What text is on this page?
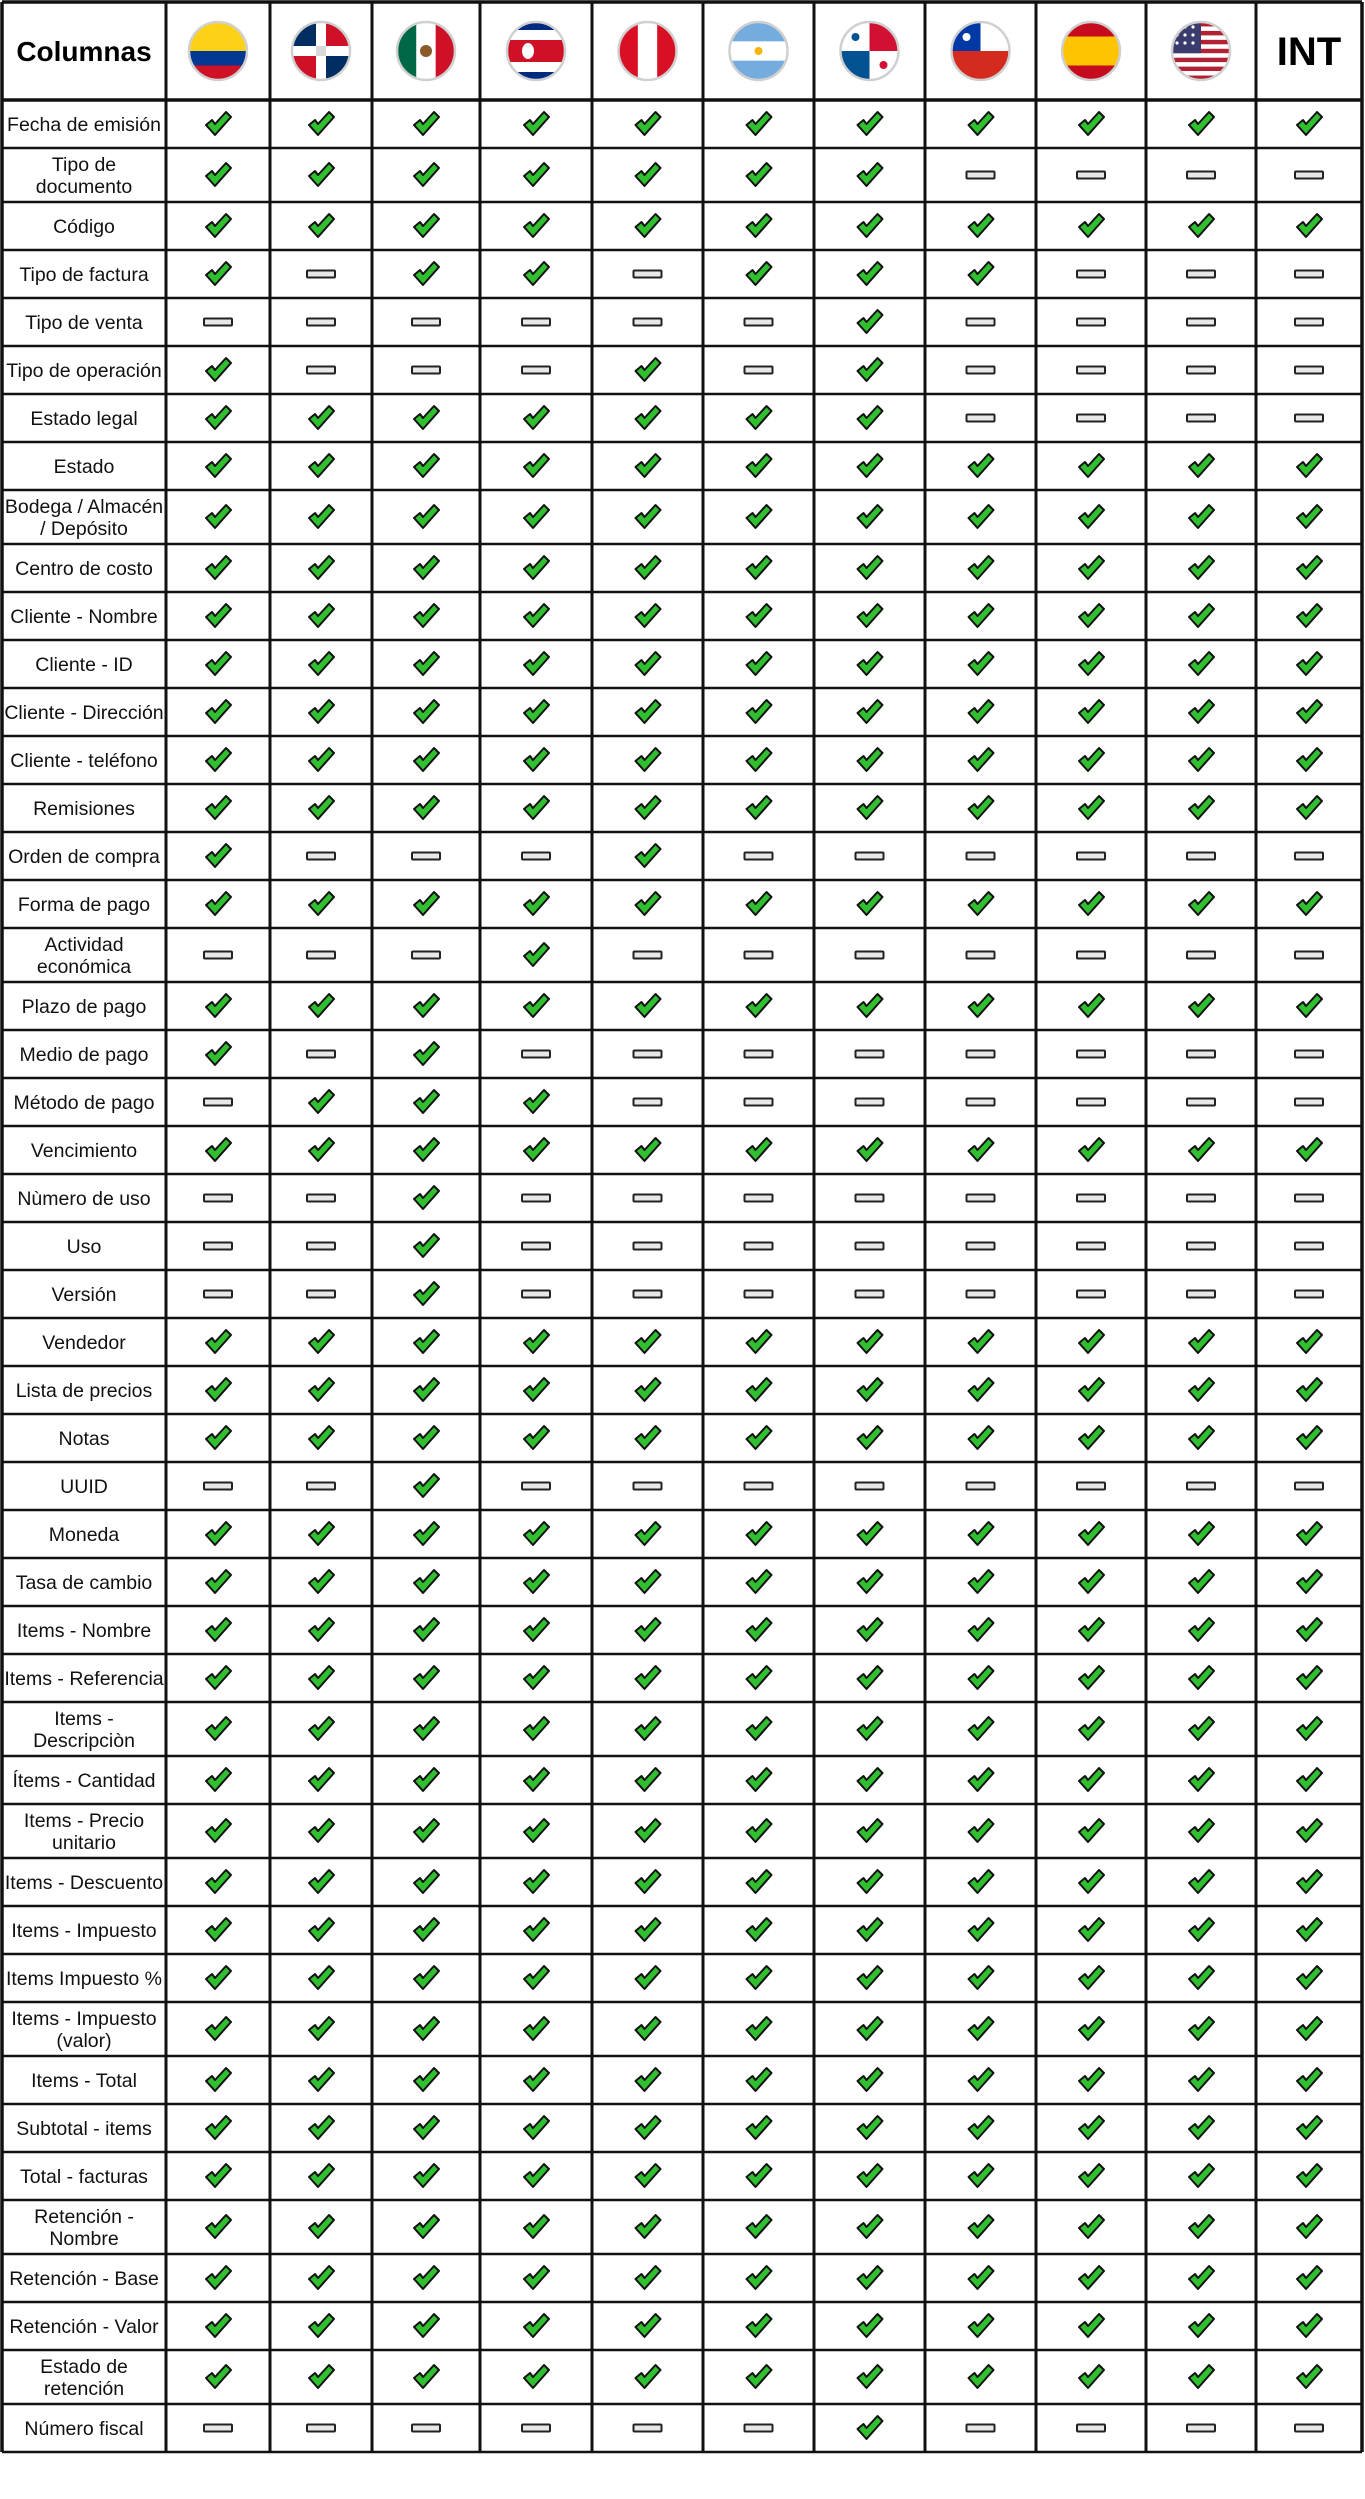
Columnas	INT
Fecha de emisión
Tipo de documento
Código
Tipo de factura
Tipo de venta
Tipo de operación
Estado legal
Estado
Bodega / Almacén / Depósito
Centro de costo
Cliente - Nombre
Cliente - ID
Cliente - Dirección
Cliente - teléfono
Remisiones
Orden de compra
Forma de pago
Actividad económica
Plazo de pago
Medio de pago
Método de pago
Vencimiento
Nùmero de uso
Uso
Versión
Vendedor
Lista de precios
Notas
UUID
Moneda
Tasa de cambio
Items - Nombre
Items - Referencia
Items -Descripciòn
Ítems - Cantidad
Items - Precio unitario
Items - Descuento
Items - Impuesto
Items Impuesto %
Items - Impuesto (valor)
Items - Total
Subtotal - items
Total - facturas
Retención -Nombre
Retención - Base
Retención - Valor
Estado de retención
Número fiscal
